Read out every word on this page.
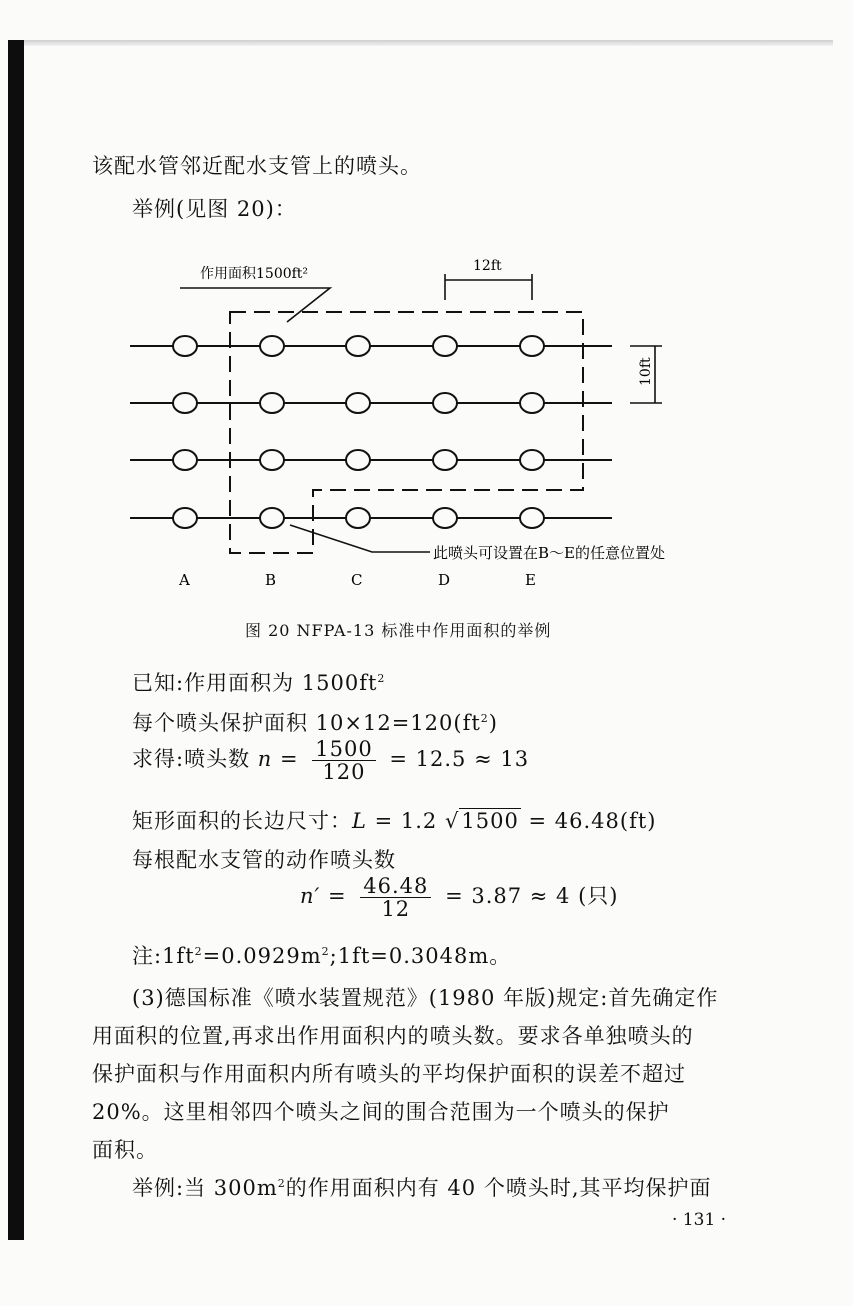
该配水管邻近配水支管上的喷头。
举例(见图 20)：
作用面积1500ft²	12ft
10ft
此喷头可设置在B～E的任意位置处
A	B	C	D	E
图 20 NFPA-13 标准中作用面积的举例
已知:作用面积为 $1500ft^2$
每个喷头保护面积 $10\times 12=120(ft^2)$
求得:喷头数 $n = \frac{1500}{120} = 12.5 \approx 13$
矩形面积的长边尺寸：L = 1.2 √1500 = 46.48(ft)
每根配水支管的动作喷头数
$n' = \frac{46.48}{12} = 3.87 \approx 4$ (只)
注$:1ft^2=0.0929m^2;1ft=0.3048m$。
(3)德国标准《喷水装置规范》(1980 年版)规定:首先确定作
用面积的位置,再求出作用面积内的喷头数。要求各单独喷头的
保护面积与作用面积内所有喷头的平均保护面积的误差不超过
20%。这里相邻四个喷头之间的围合范围为一个喷头的保护
面积。
举例:当 $300m^2$的作用面积内有 40 个喷头时,其平均保护面
· 131 ·
